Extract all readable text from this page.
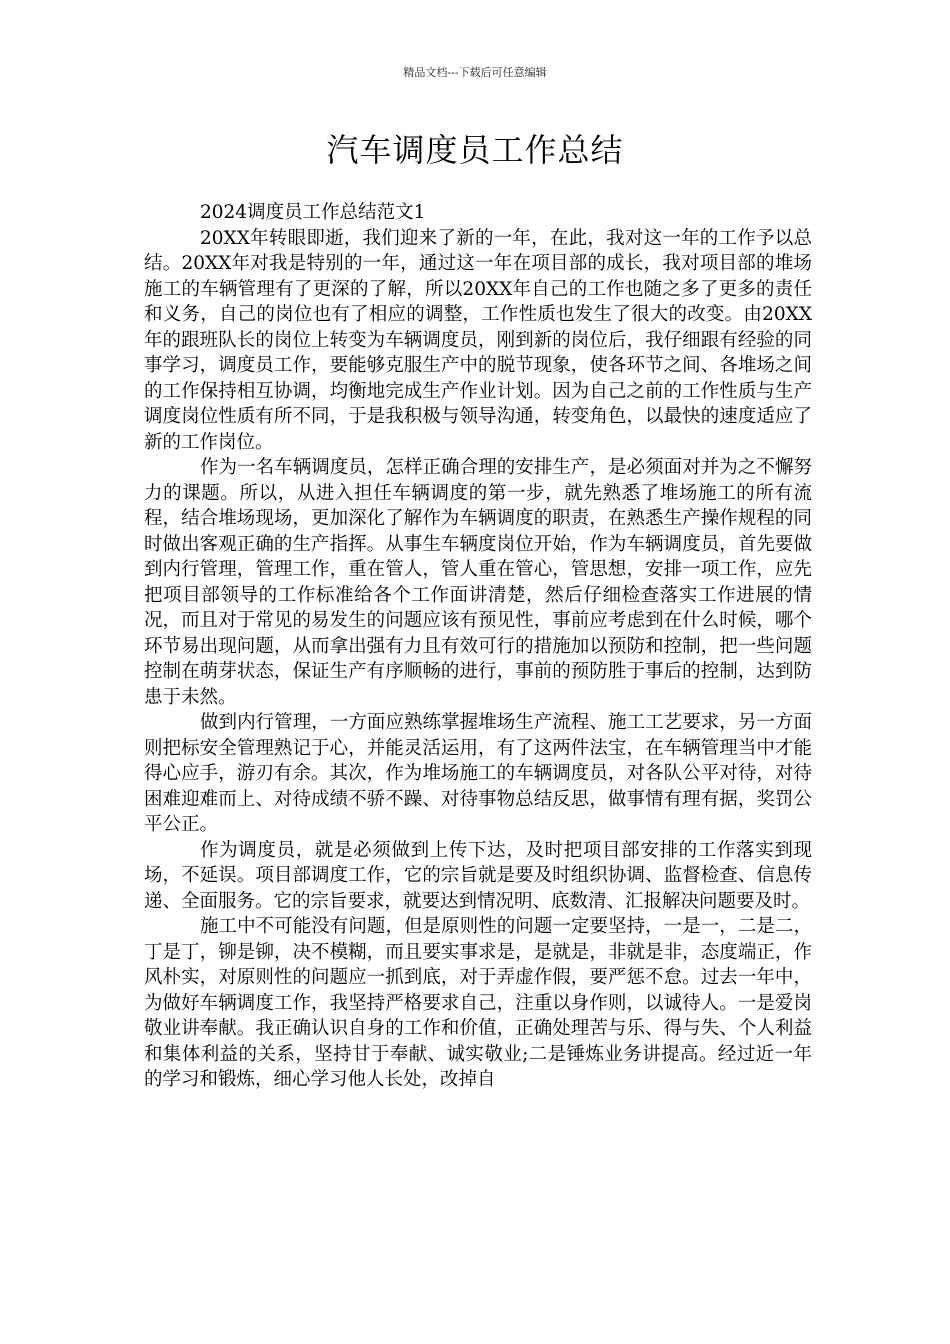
精品文档---下载后可任意编辑
汽车调度员工作总结

2024调度员工作总结范文1

20XX年转眼即逝，我们迎来了新的一年，在此，我对这一年的工作予以总结。20XX年对我是特别的一年，通过这一年在项目部的成长，我对项目部的堆场施工的车辆管理有了更深的了解，所以20XX年自己的工作也随之多了更多的责任和义务，自己的岗位也有了相应的调整，工作性质也发生了很大的改变。由20XX年的跟班队长的岗位上转变为车辆调度员，刚到新的岗位后，我仔细跟有经验的同事学习，调度员工作，要能够克服生产中的脱节现象，使各环节之间、各堆场之间的工作保持相互协调，均衡地完成生产作业计划。因为自己之前的工作性质与生产调度岗位性质有所不同，于是我积极与领导沟通，转变角色，以最快的速度适应了新的工作岗位。

作为一名车辆调度员，怎样正确合理的安排生产，是必须面对并为之不懈努力的课题。所以，从进入担任车辆调度的第一步，就先熟悉了堆场施工的所有流程，结合堆场现场，更加深化了解作为车辆调度的职责，在熟悉生产操作规程的同时做出客观正确的生产指挥。从事生车辆度岗位开始，作为车辆调度员，首先要做到内行管理，管理工作，重在管人，管人重在管心，管思想，安排一项工作，应先把项目部领导的工作标准给各个工作面讲清楚，然后仔细检查落实工作进展的情况，而且对于常见的易发生的问题应该有预见性，事前应考虑到在什么时候，哪个环节易出现问题，从而拿出强有力且有效可行的措施加以预防和控制，把一些问题控制在萌芽状态，保证生产有序顺畅的进行，事前的预防胜于事后的控制，达到防患于未然。

做到内行管理，一方面应熟练掌握堆场生产流程、施工工艺要求，另一方面则把标安全管理熟记于心，并能灵活运用，有了这两件法宝，在车辆管理当中才能得心应手，游刃有余。其次，作为堆场施工的车辆调度员，对各队公平对待，对待困难迎难而上、对待成绩不骄不躁、对待事物总结反思，做事情有理有据，奖罚公平公正。

作为调度员，就是必须做到上传下达，及时把项目部安排的工作落实到现场，不延误。项目部调度工作，它的宗旨就是要及时组织协调、监督检查、信息传递、全面服务。它的宗旨要求，就要达到情况明、底数清、汇报解决问题要及时。

施工中不可能没有问题，但是原则性的问题一定要坚持，一是一，二是二，丁是丁，铆是铆，决不模糊，而且要实事求是，是就是，非就是非，态度端正，作风朴实，对原则性的问题应一抓到底，对于弄虚作假，要严惩不怠。过去一年中，为做好车辆调度工作，我坚持严格要求自己，注重以身作则，以诚待人。一是爱岗敬业讲奉献。我正确认识自身的工作和价值，正确处理苦与乐、得与失、个人利益和集体利益的关系，坚持甘于奉献、诚实敬业;二是锤炼业务讲提高。经过近一年的学习和锻炼，细心学习他人长处，改掉自
